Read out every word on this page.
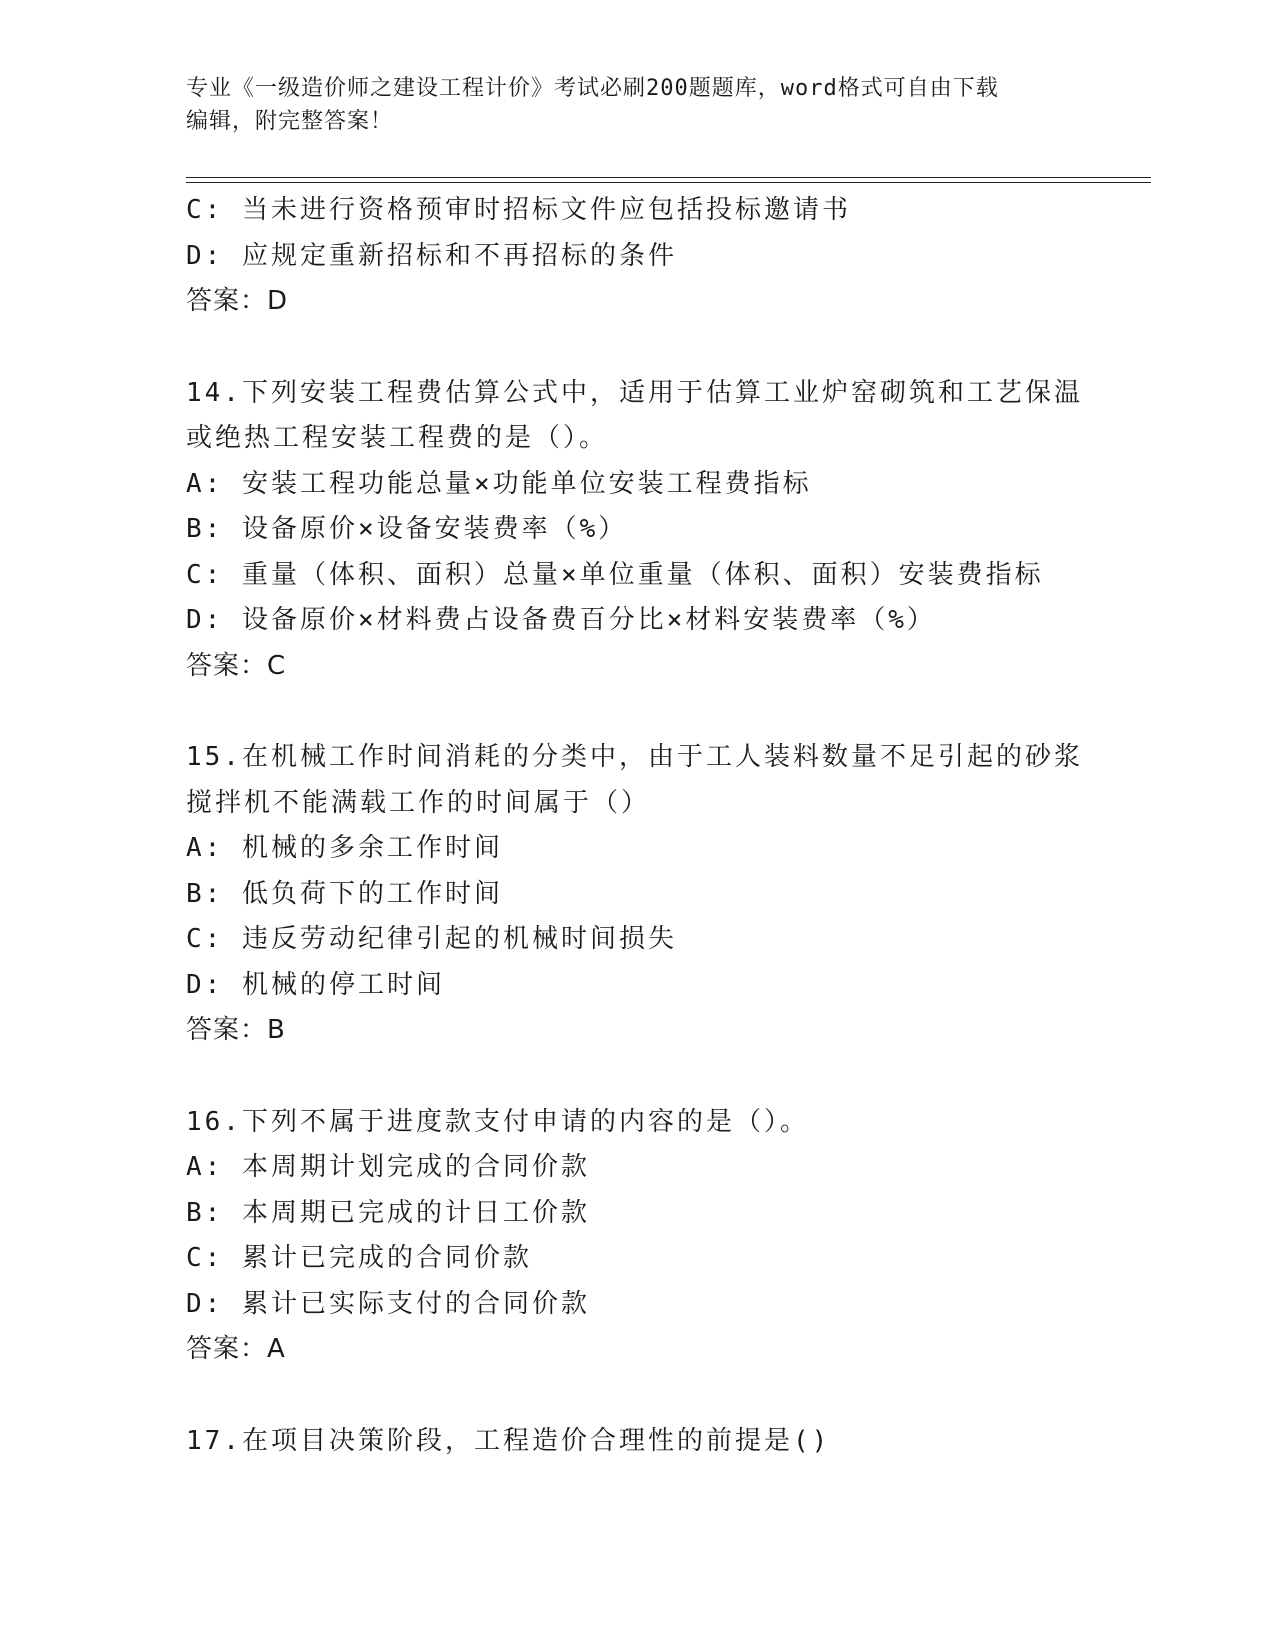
专业《一级造价师之建设工程计价》考试必刷200题题库，word格式可自由下载
编辑，附完整答案！
C: 当未进行资格预审时招标文件应包括投标邀请书
D: 应规定重新招标和不再招标的条件
答案：D
14.下列安装工程费估算公式中，适用于估算工业炉窑砌筑和工艺保温
或绝热工程安装工程费的是（）。
A: 安装工程功能总量×功能单位安装工程费指标
B: 设备原价×设备安装费率（%）
C: 重量（体积、面积）总量×单位重量（体积、面积）安装费指标
D: 设备原价×材料费占设备费百分比×材料安装费率（%）
答案：C
15.在机械工作时间消耗的分类中，由于工人装料数量不足引起的砂浆
搅拌机不能满载工作的时间属于（）
A: 机械的多余工作时间
B: 低负荷下的工作时间
C: 违反劳动纪律引起的机械时间损失
D: 机械的停工时间
答案：B
16.下列不属于进度款支付申请的内容的是（）。
A: 本周期计划完成的合同价款
B: 本周期已完成的计日工价款
C: 累计已完成的合同价款
D: 累计已实际支付的合同价款
答案：A
17.在项目决策阶段，工程造价合理性的前提是()
